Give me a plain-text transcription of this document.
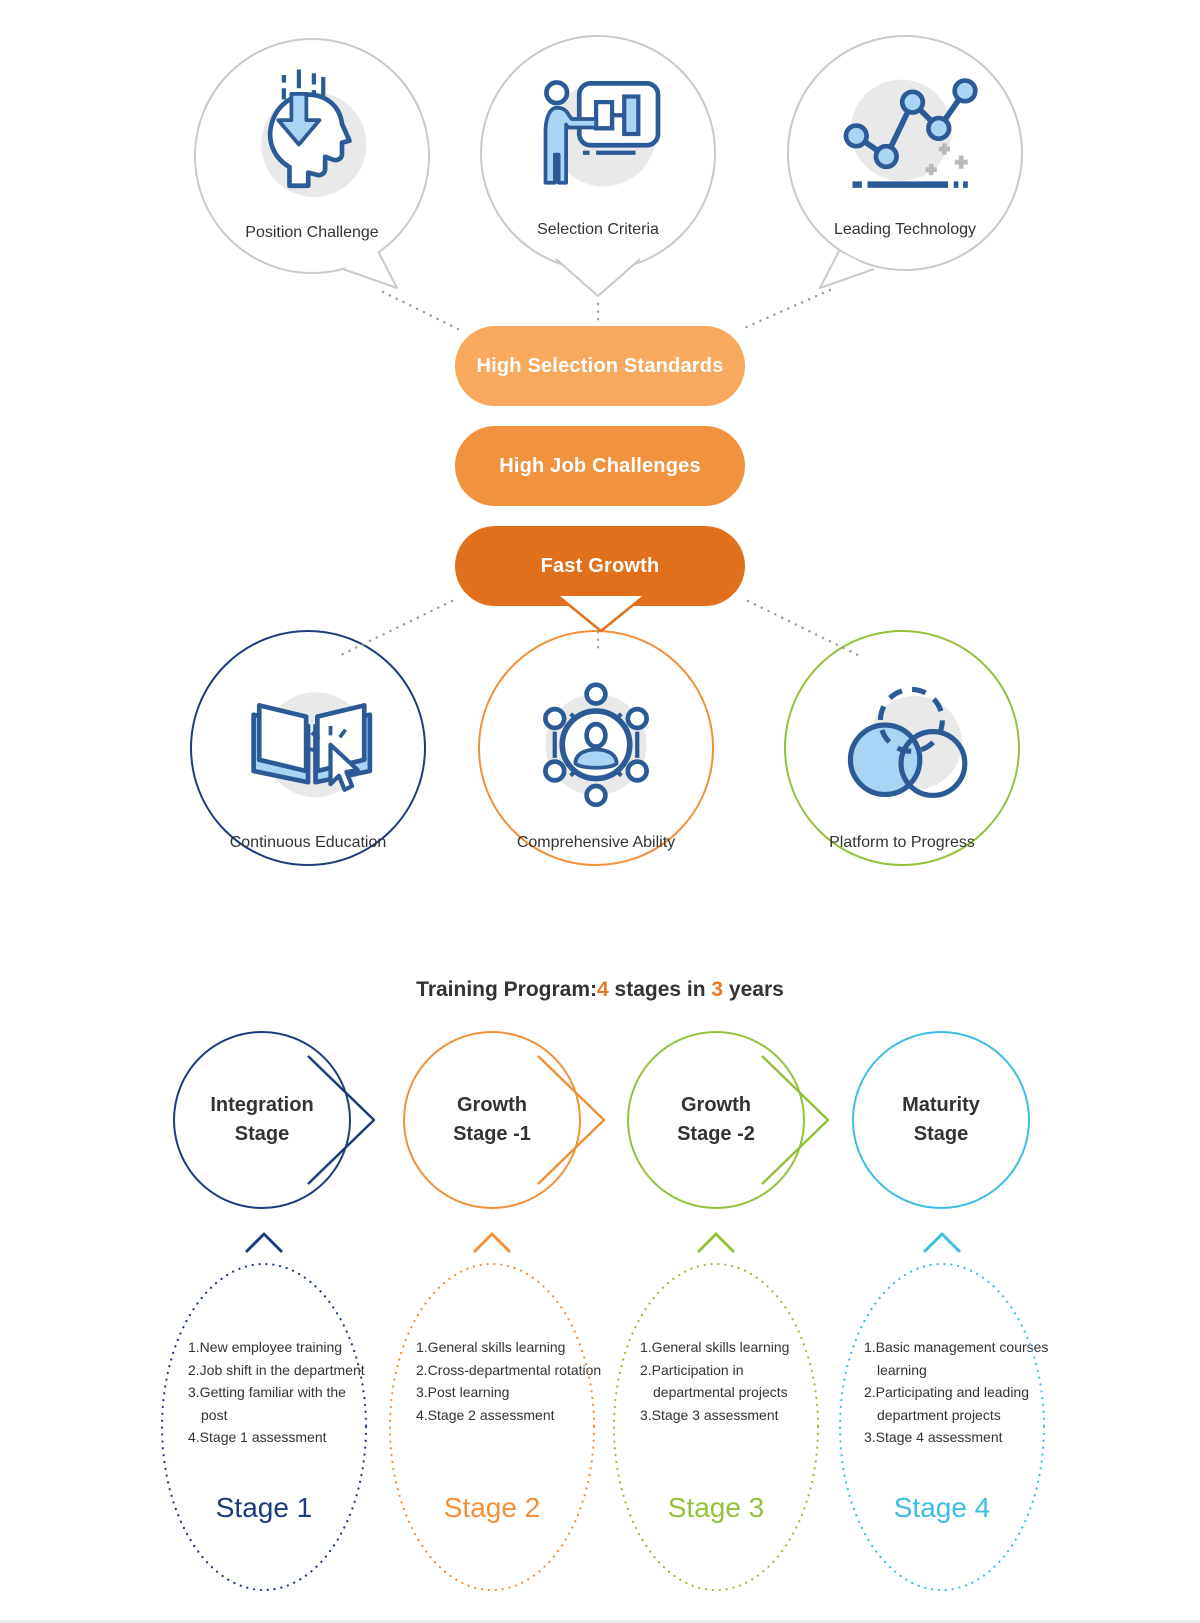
Position Challenge	Selection Criteria	Leading Technology
High Selection Standards
High Job Challenges
Fast Growth
Continuous Education	Comprehensive Ability	Platform to Progress
Training Program:4 stages in 3 years
Integration
Stage
Growth
Stage -1
Growth
Stage -2
Maturity
Stage
1.New employee training
2.Job shift in the department
3.Getting familiar with the post
4.Stage 1 assessment
Stage 1
1.General skills learning
2.Cross-departmental rotation
3.Post learning
4.Stage 2 assessment
Stage 2
1.General skills learning
2.Participation in departmental projects
3.Stage 3 assessment
Stage 3
1.Basic management courses learning
2.Participating and leading department projects
3.Stage 4 assessment
Stage 4
